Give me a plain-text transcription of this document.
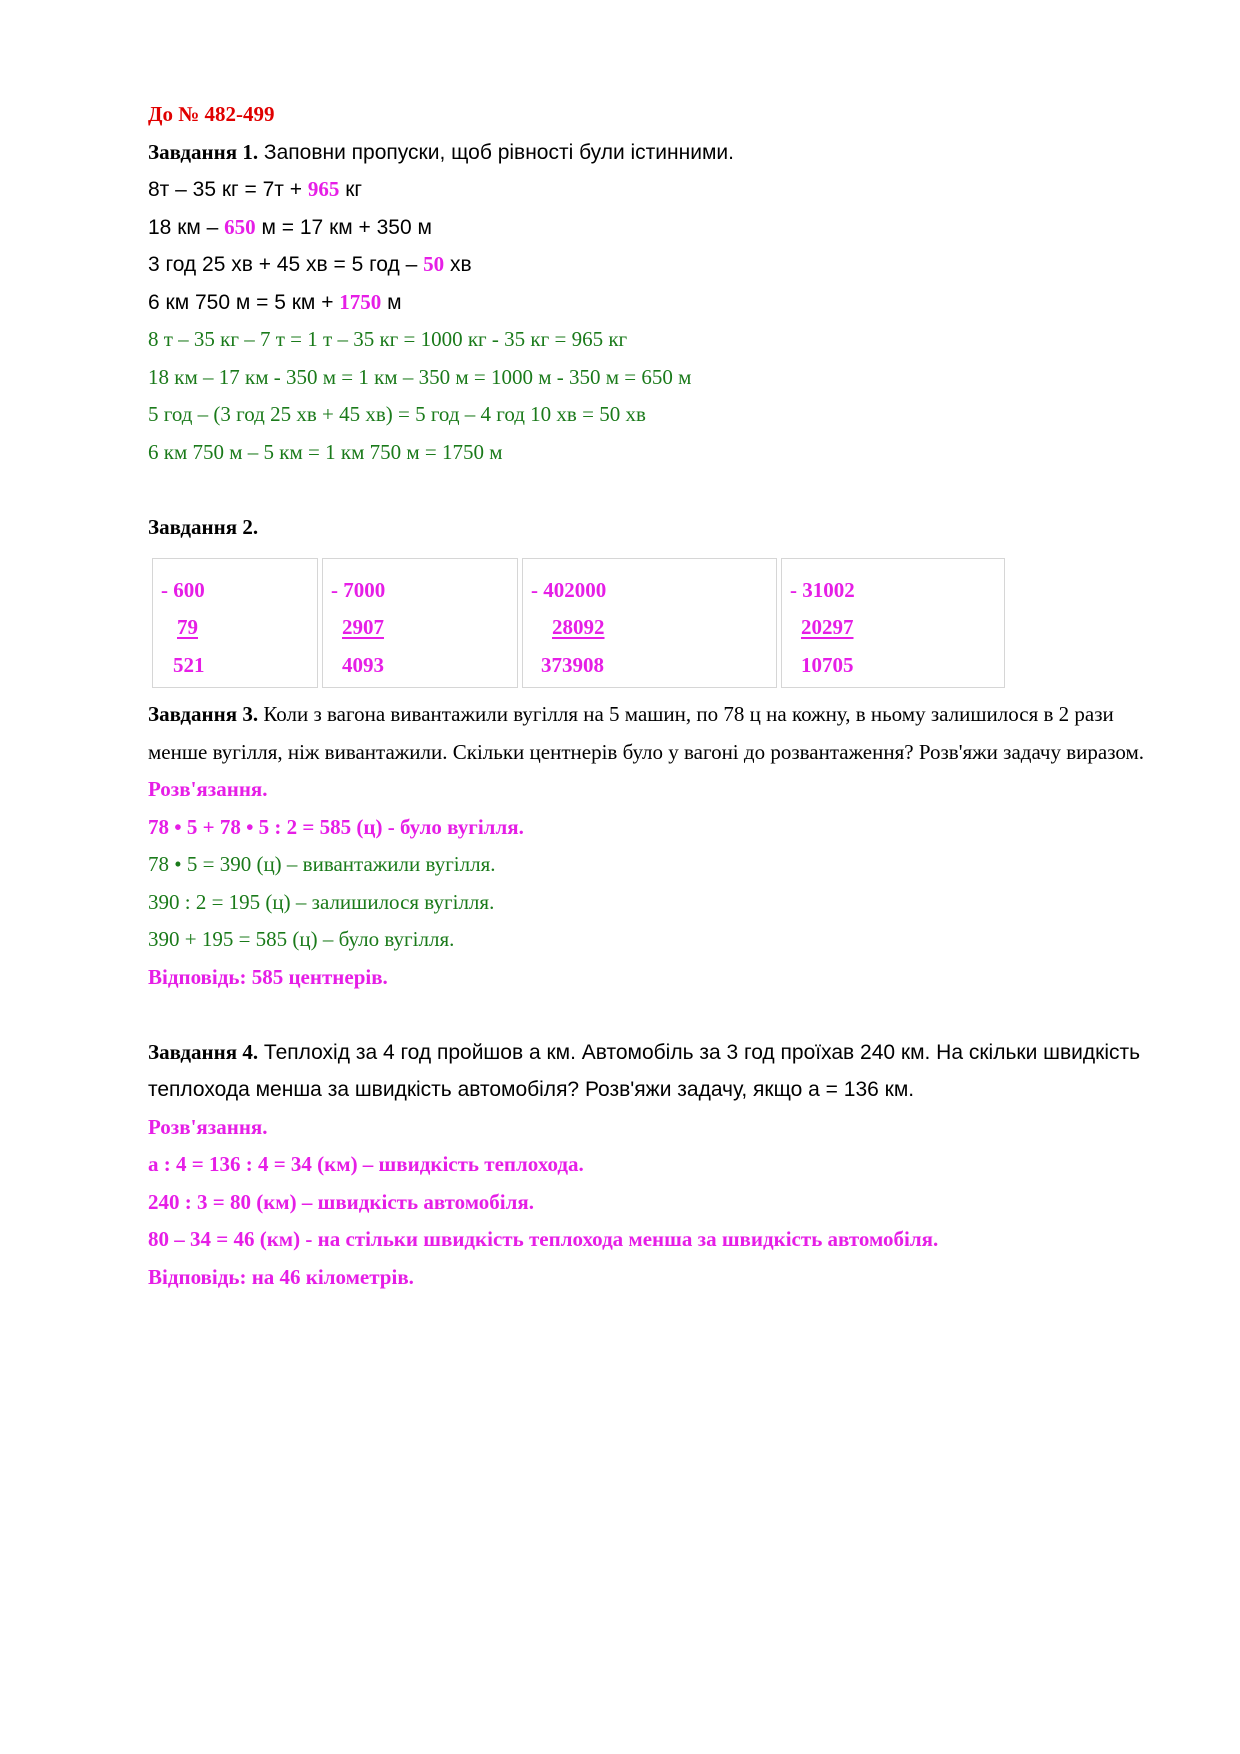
До № 482-499
Завдання 1. Заповни пропуски, щоб рівності були істинними.
8т – 35 кг = 7т + 965 кг
18 км – 650 м = 17 км + 350 м
3 год 25 хв + 45 хв = 5 год – 50 хв
6 км 750 м = 5 км + 1750 м
8 т – 35 кг – 7 т = 1 т – 35 кг = 1000 кг - 35 кг = 965 кг
18 км – 17 км - 350 м = 1 км – 350 м = 1000 м - 350 м = 650 м
5 год – (3 год 25 хв + 45 хв) = 5 год – 4 год 10 хв = 50 хв
6 км 750 м – 5 км = 1 км 750 м = 1750 м
Завдання 2.
- 600
79
521
- 7000
2907
4093
- 402000
28092
373908
- 31002
20297
10705
Завдання 3. Коли з вагона вивантажили вугілля на 5 машин, по 78 ц на кожну, в ньому залишилося в 2 рази менше вугілля, ніж вивантажили. Скільки центнерів було у вагоні до розвантаження? Розв'яжи задачу виразом.
Розв'язання.
78 • 5 + 78 • 5 : 2 = 585 (ц) - було вугілля.
78 • 5 = 390 (ц) – вивантажили вугілля.
390 : 2 = 195 (ц) – залишилося вугілля.
390 + 195 = 585 (ц) – було вугілля.
Відповідь: 585 центнерів.
Завдання 4. Теплохід за 4 год пройшов а км. Автомобіль за 3 год проїхав 240 км. На скільки швидкість теплохода менша за швидкість автомобіля? Розв'яжи задачу, якщо а = 136 км.
Розв'язання.
а : 4 = 136 : 4 = 34 (км) – швидкість теплохода.
240 : 3 = 80 (км) – швидкість автомобіля.
80 – 34 = 46 (км) - на стільки швидкість теплохода менша за швидкість автомобіля.
Відповідь: на 46 кілометрів.
